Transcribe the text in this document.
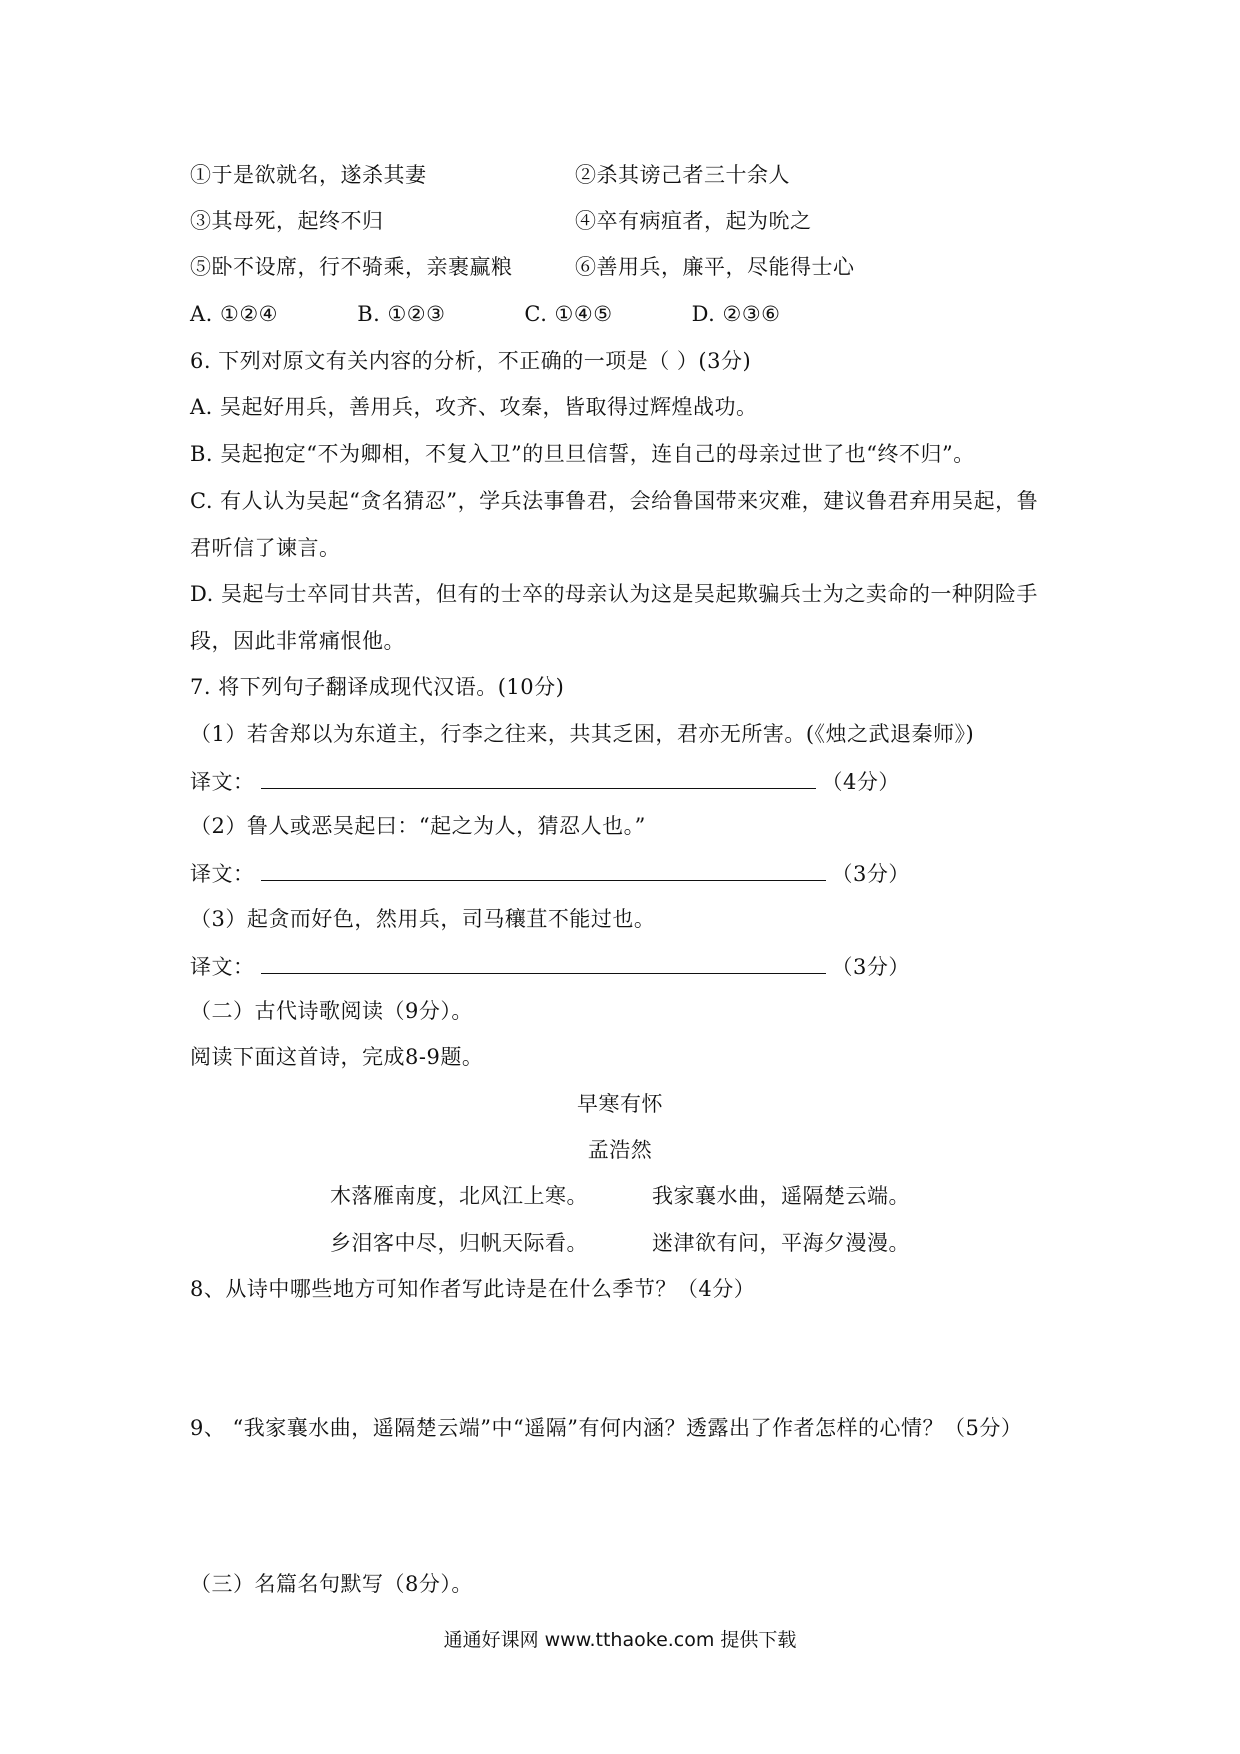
①于是欲就名，遂杀其妻	②杀其谤己者三十余人
③其母死，起终不归	④卒有病疽者，起为吮之
⑤卧不设席，行不骑乘，亲裹赢粮	⑥善用兵，廉平，尽能得士心
A. ①②④	B. ①②③	C. ①④⑤	D. ②③⑥
6. 下列对原文有关内容的分析，不正确的一项是（ ）(3分)
A. 吴起好用兵，善用兵，攻齐、攻秦，皆取得过辉煌战功。
B. 吴起抱定“不为卿相，不复入卫”的旦旦信誓，连自己的母亲过世了也“终不归”。
C. 有人认为吴起“贪名猜忍”，学兵法事鲁君，会给鲁国带来灾难，建议鲁君弃用吴起，鲁
君听信了谏言。
D. 吴起与士卒同甘共苦，但有的士卒的母亲认为这是吴起欺骗兵士为之卖命的一种阴险手
段，因此非常痛恨他。
7. 将下列句子翻译成现代汉语。(10分)
（1）若舍郑以为东道主，行李之往来，共其乏困，君亦无所害。(《烛之武退秦师》)
译文：	（4分）
（2）鲁人或恶吴起曰：“起之为人，猜忍人也。”
译文：	（3分）
（3）起贪而好色，然用兵，司马穰苴不能过也。
译文：	（3分）
（二）古代诗歌阅读（9分）。
阅读下面这首诗，完成8-9题。
早寒有怀
孟浩然
木落雁南度，北风江上寒。	我家襄水曲，遥隔楚云端。
乡泪客中尽，归帆天际看。	迷津欲有问，平海夕漫漫。
8、从诗中哪些地方可知作者写此诗是在什么季节？（4分）
9、 “我家襄水曲，遥隔楚云端”中“遥隔”有何内涵？透露出了作者怎样的心情？（5分）
（三）名篇名句默写（8分）。
通通好课网 www.tthaoke.com 提供下载
